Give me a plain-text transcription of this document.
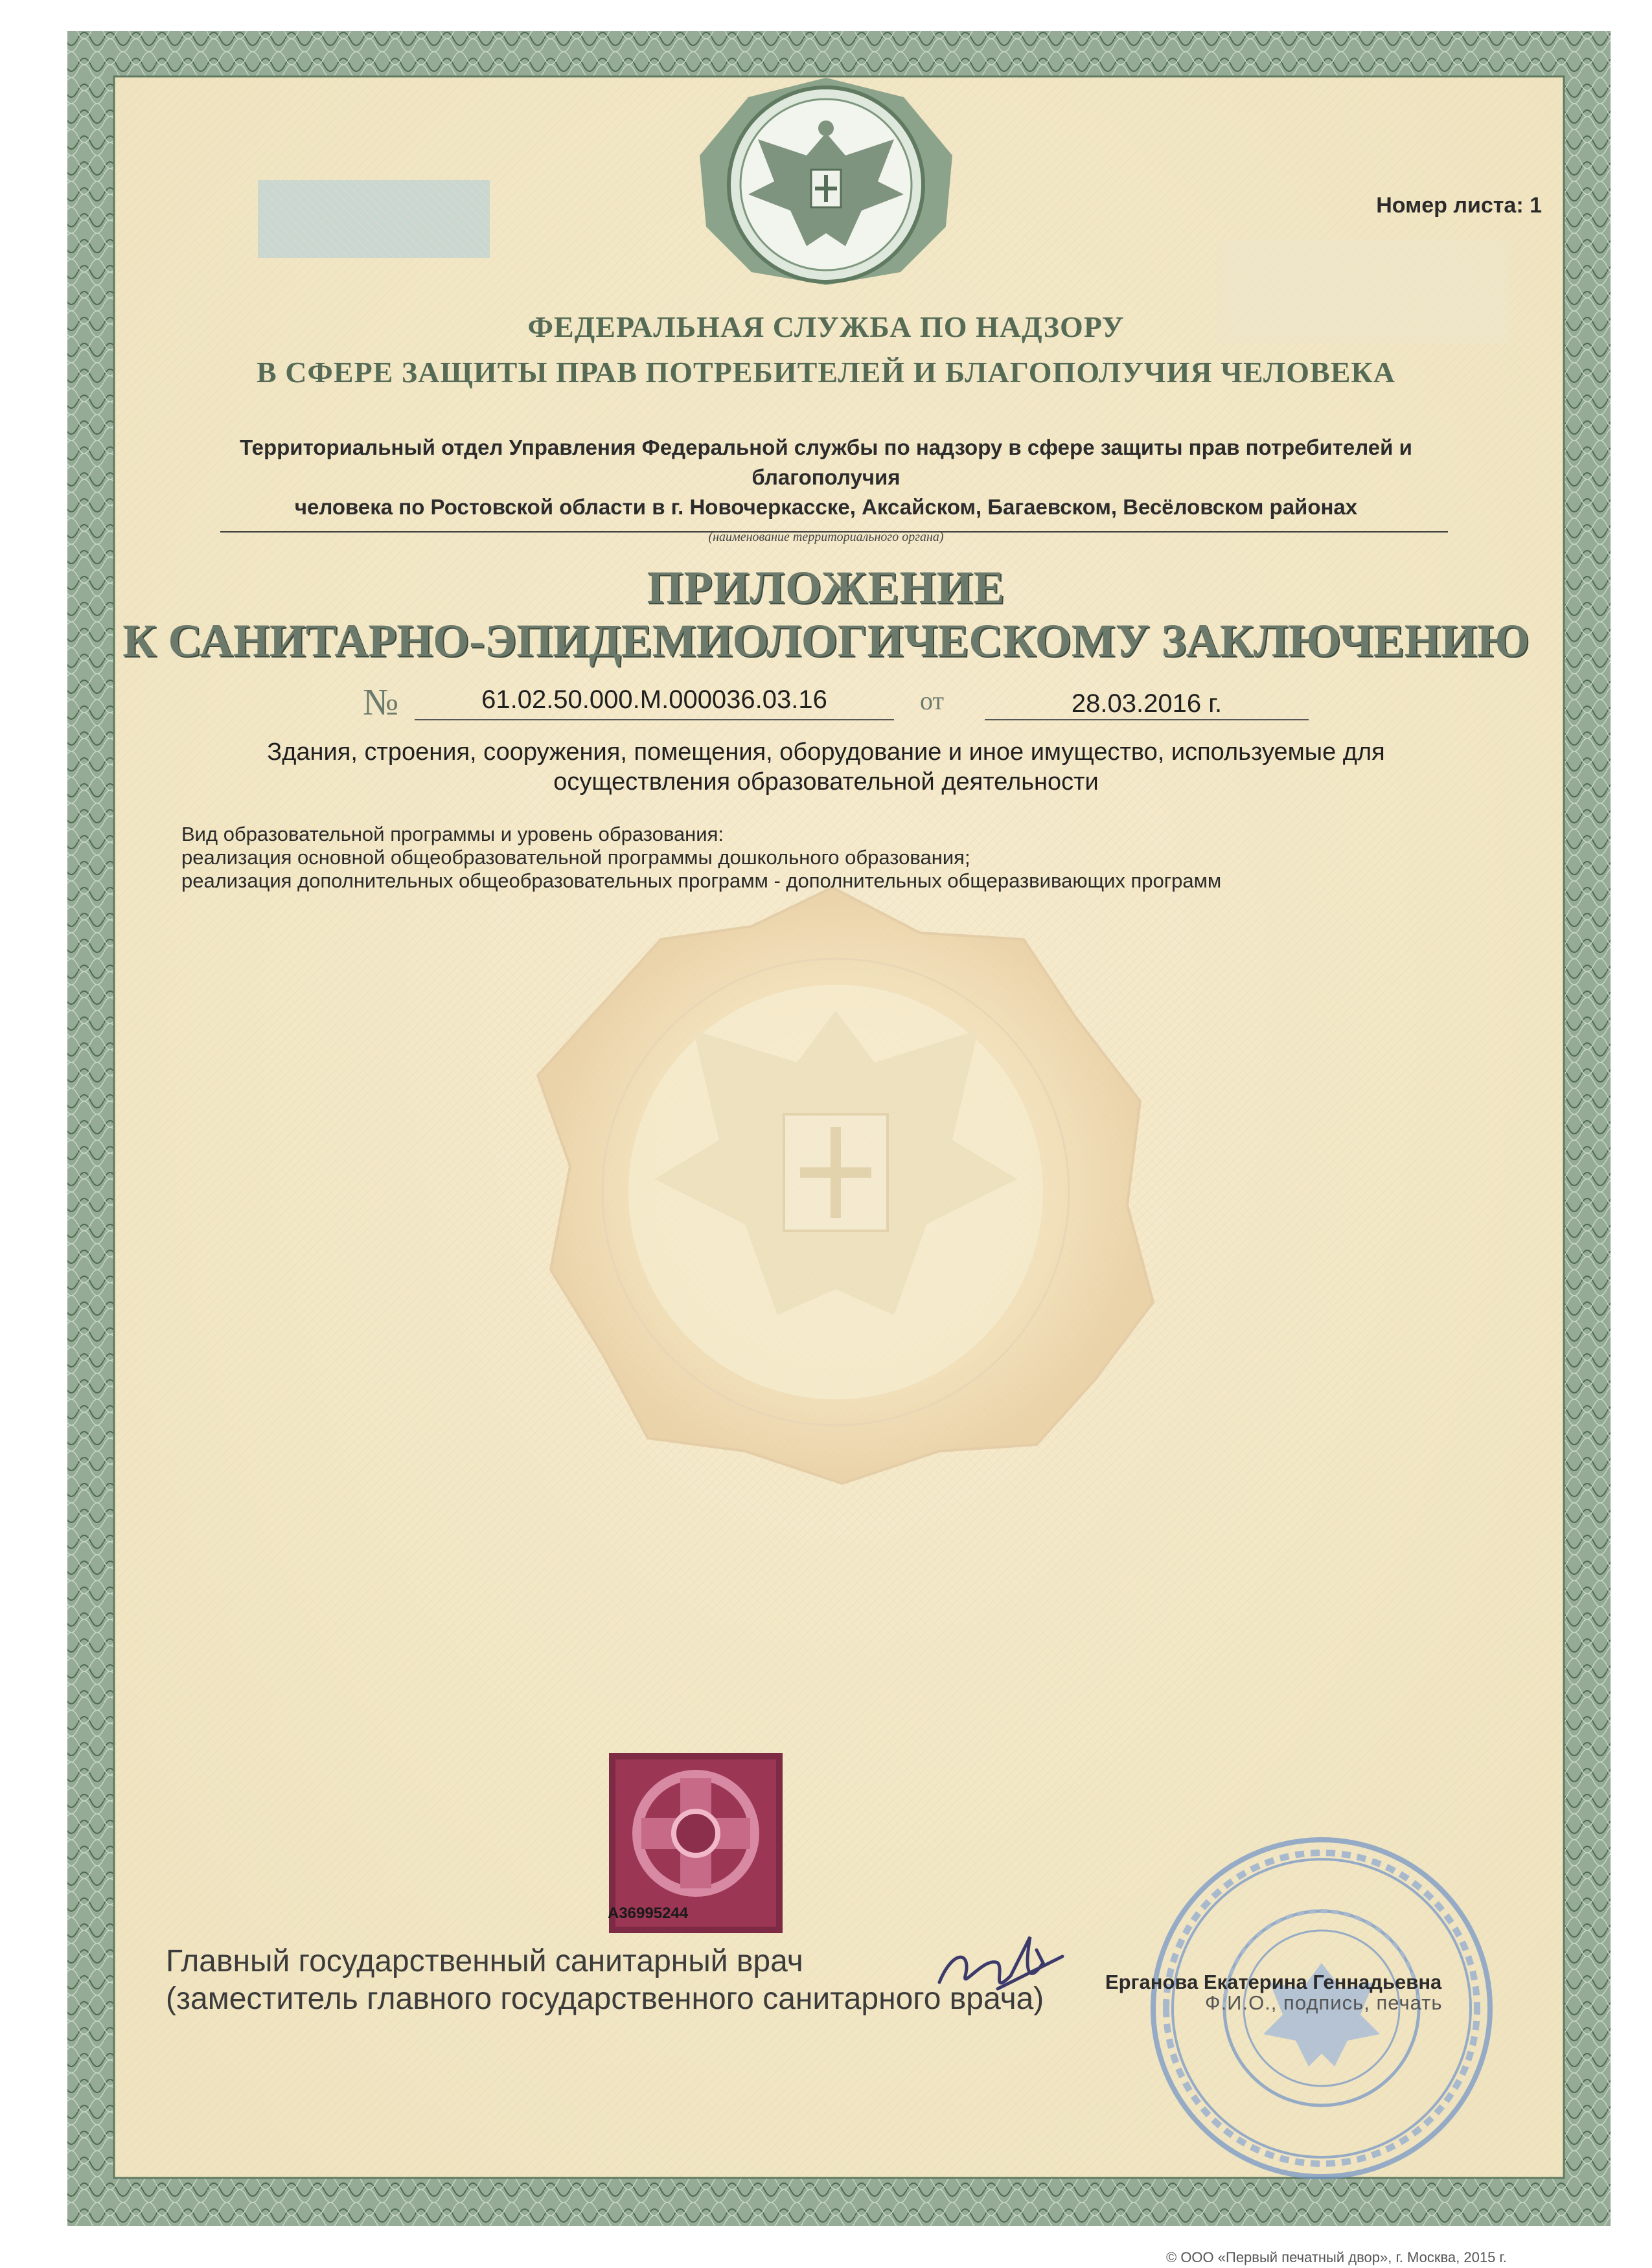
Номер листа: 1
ФЕДЕРАЛЬНАЯ СЛУЖБА ПО НАДЗОРУ
В СФЕРЕ ЗАЩИТЫ ПРАВ ПОТРЕБИТЕЛЕЙ И БЛАГОПОЛУЧИЯ ЧЕЛОВЕКА
Территориальный отдел Управления Федеральной службы по надзору в сфере защиты прав потребителей и благополучия
человека по Ростовской области в г. Новочеркасске, Аксайском, Багаевском, Весёловском районах
(наименование территориального органа)
ПРИЛОЖЕНИЕ
К САНИТАРНО-ЭПИДЕМИОЛОГИЧЕСКОМУ ЗАКЛЮЧЕНИЮ
№	61.02.50.000.М.000036.03.16	от	28.03.2016 г.
Здания, строения, сооружения, помещения, оборудование и иное имущество, используемые для
осуществления образовательной деятельности
Вид образовательной программы и уровень образования:
реализация основной общеобразовательной программы дошкольного образования;
реализация дополнительных общеобразовательных программ - дополнительных общеразвивающих программ
А36995244
Главный государственный санитарный врач
(заместитель главного государственного санитарного врача)	Ерганова Екатерина Геннадьевна
Ф.И.О., подпись, печать
© ООО «Первый печатный двор», г. Москва, 2015 г.
